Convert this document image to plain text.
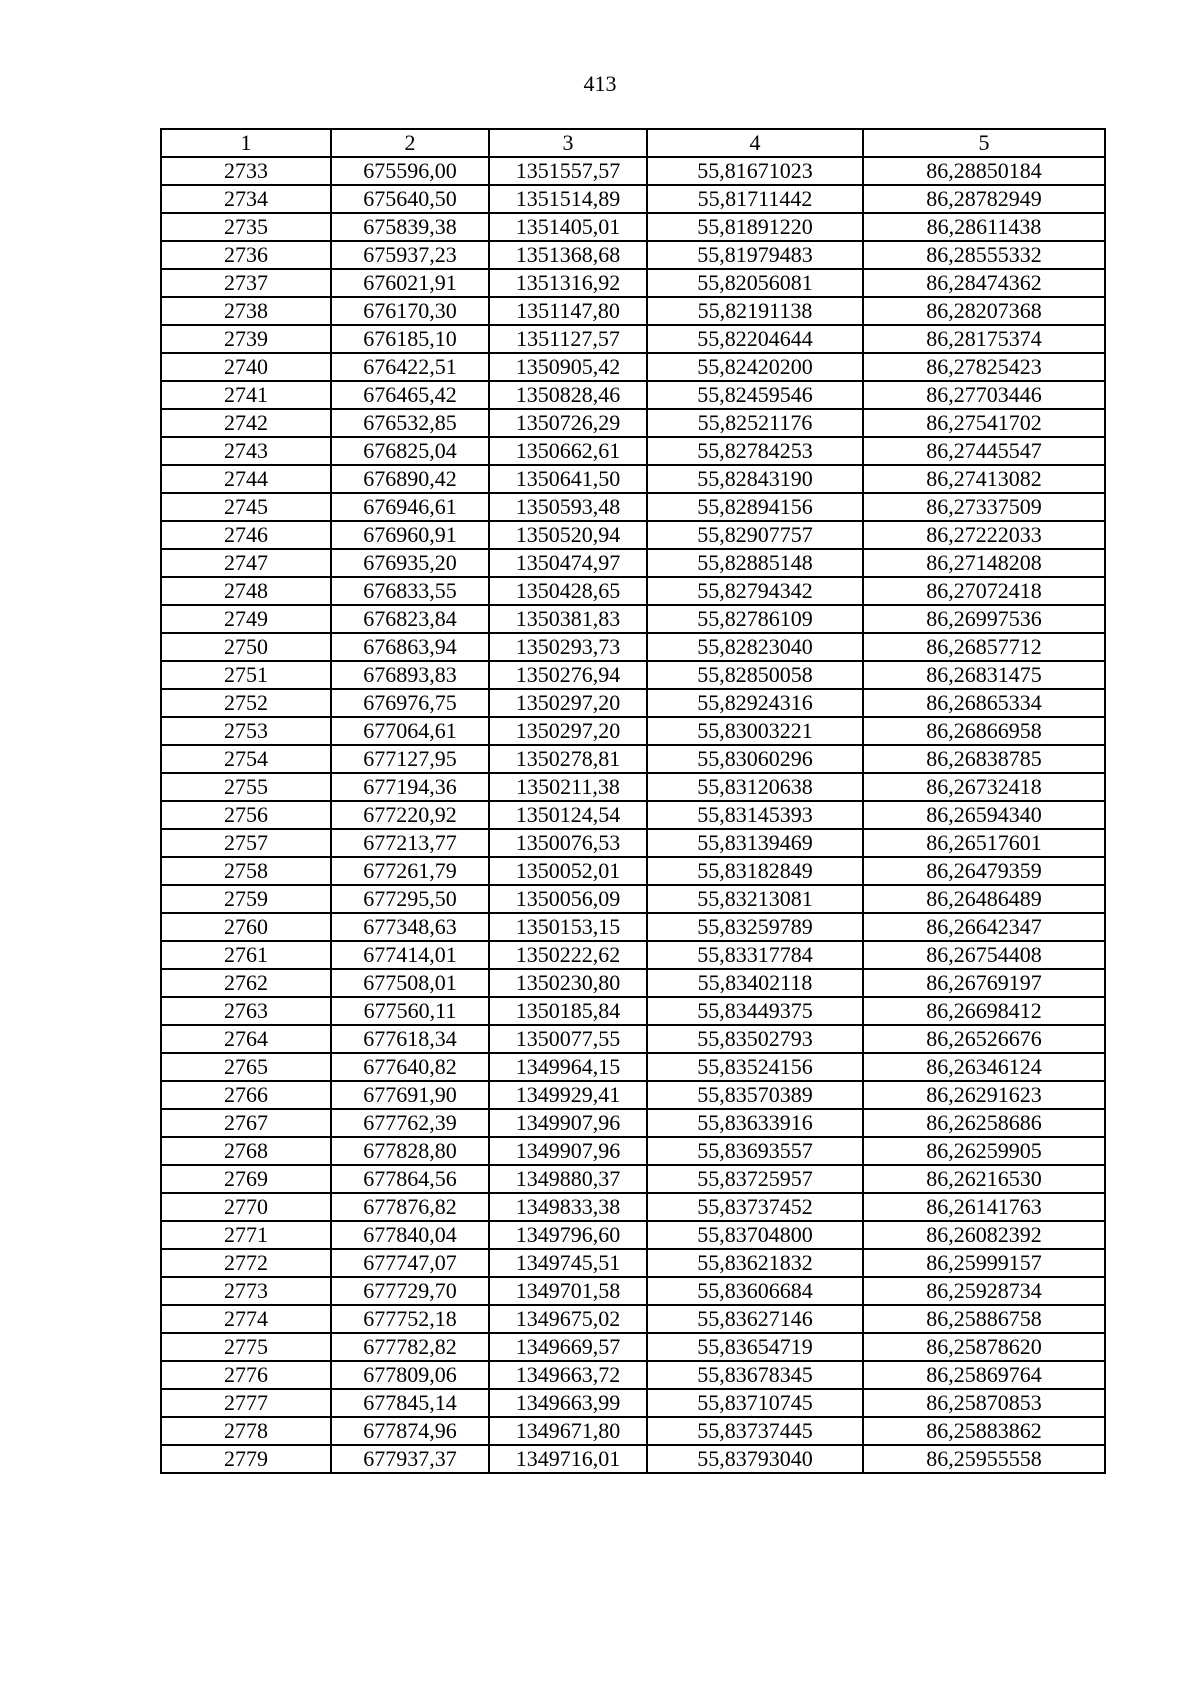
413
1	2	3	4	5
2733	675596,00	1351557,57	55,81671023	86,28850184
2734	675640,50	1351514,89	55,81711442	86,28782949
2735	675839,38	1351405,01	55,81891220	86,28611438
2736	675937,23	1351368,68	55,81979483	86,28555332
2737	676021,91	1351316,92	55,82056081	86,28474362
2738	676170,30	1351147,80	55,82191138	86,28207368
2739	676185,10	1351127,57	55,82204644	86,28175374
2740	676422,51	1350905,42	55,82420200	86,27825423
2741	676465,42	1350828,46	55,82459546	86,27703446
2742	676532,85	1350726,29	55,82521176	86,27541702
2743	676825,04	1350662,61	55,82784253	86,27445547
2744	676890,42	1350641,50	55,82843190	86,27413082
2745	676946,61	1350593,48	55,82894156	86,27337509
2746	676960,91	1350520,94	55,82907757	86,27222033
2747	676935,20	1350474,97	55,82885148	86,27148208
2748	676833,55	1350428,65	55,82794342	86,27072418
2749	676823,84	1350381,83	55,82786109	86,26997536
2750	676863,94	1350293,73	55,82823040	86,26857712
2751	676893,83	1350276,94	55,82850058	86,26831475
2752	676976,75	1350297,20	55,82924316	86,26865334
2753	677064,61	1350297,20	55,83003221	86,26866958
2754	677127,95	1350278,81	55,83060296	86,26838785
2755	677194,36	1350211,38	55,83120638	86,26732418
2756	677220,92	1350124,54	55,83145393	86,26594340
2757	677213,77	1350076,53	55,83139469	86,26517601
2758	677261,79	1350052,01	55,83182849	86,26479359
2759	677295,50	1350056,09	55,83213081	86,26486489
2760	677348,63	1350153,15	55,83259789	86,26642347
2761	677414,01	1350222,62	55,83317784	86,26754408
2762	677508,01	1350230,80	55,83402118	86,26769197
2763	677560,11	1350185,84	55,83449375	86,26698412
2764	677618,34	1350077,55	55,83502793	86,26526676
2765	677640,82	1349964,15	55,83524156	86,26346124
2766	677691,90	1349929,41	55,83570389	86,26291623
2767	677762,39	1349907,96	55,83633916	86,26258686
2768	677828,80	1349907,96	55,83693557	86,26259905
2769	677864,56	1349880,37	55,83725957	86,26216530
2770	677876,82	1349833,38	55,83737452	86,26141763
2771	677840,04	1349796,60	55,83704800	86,26082392
2772	677747,07	1349745,51	55,83621832	86,25999157
2773	677729,70	1349701,58	55,83606684	86,25928734
2774	677752,18	1349675,02	55,83627146	86,25886758
2775	677782,82	1349669,57	55,83654719	86,25878620
2776	677809,06	1349663,72	55,83678345	86,25869764
2777	677845,14	1349663,99	55,83710745	86,25870853
2778	677874,96	1349671,80	55,83737445	86,25883862
2779	677937,37	1349716,01	55,83793040	86,25955558
